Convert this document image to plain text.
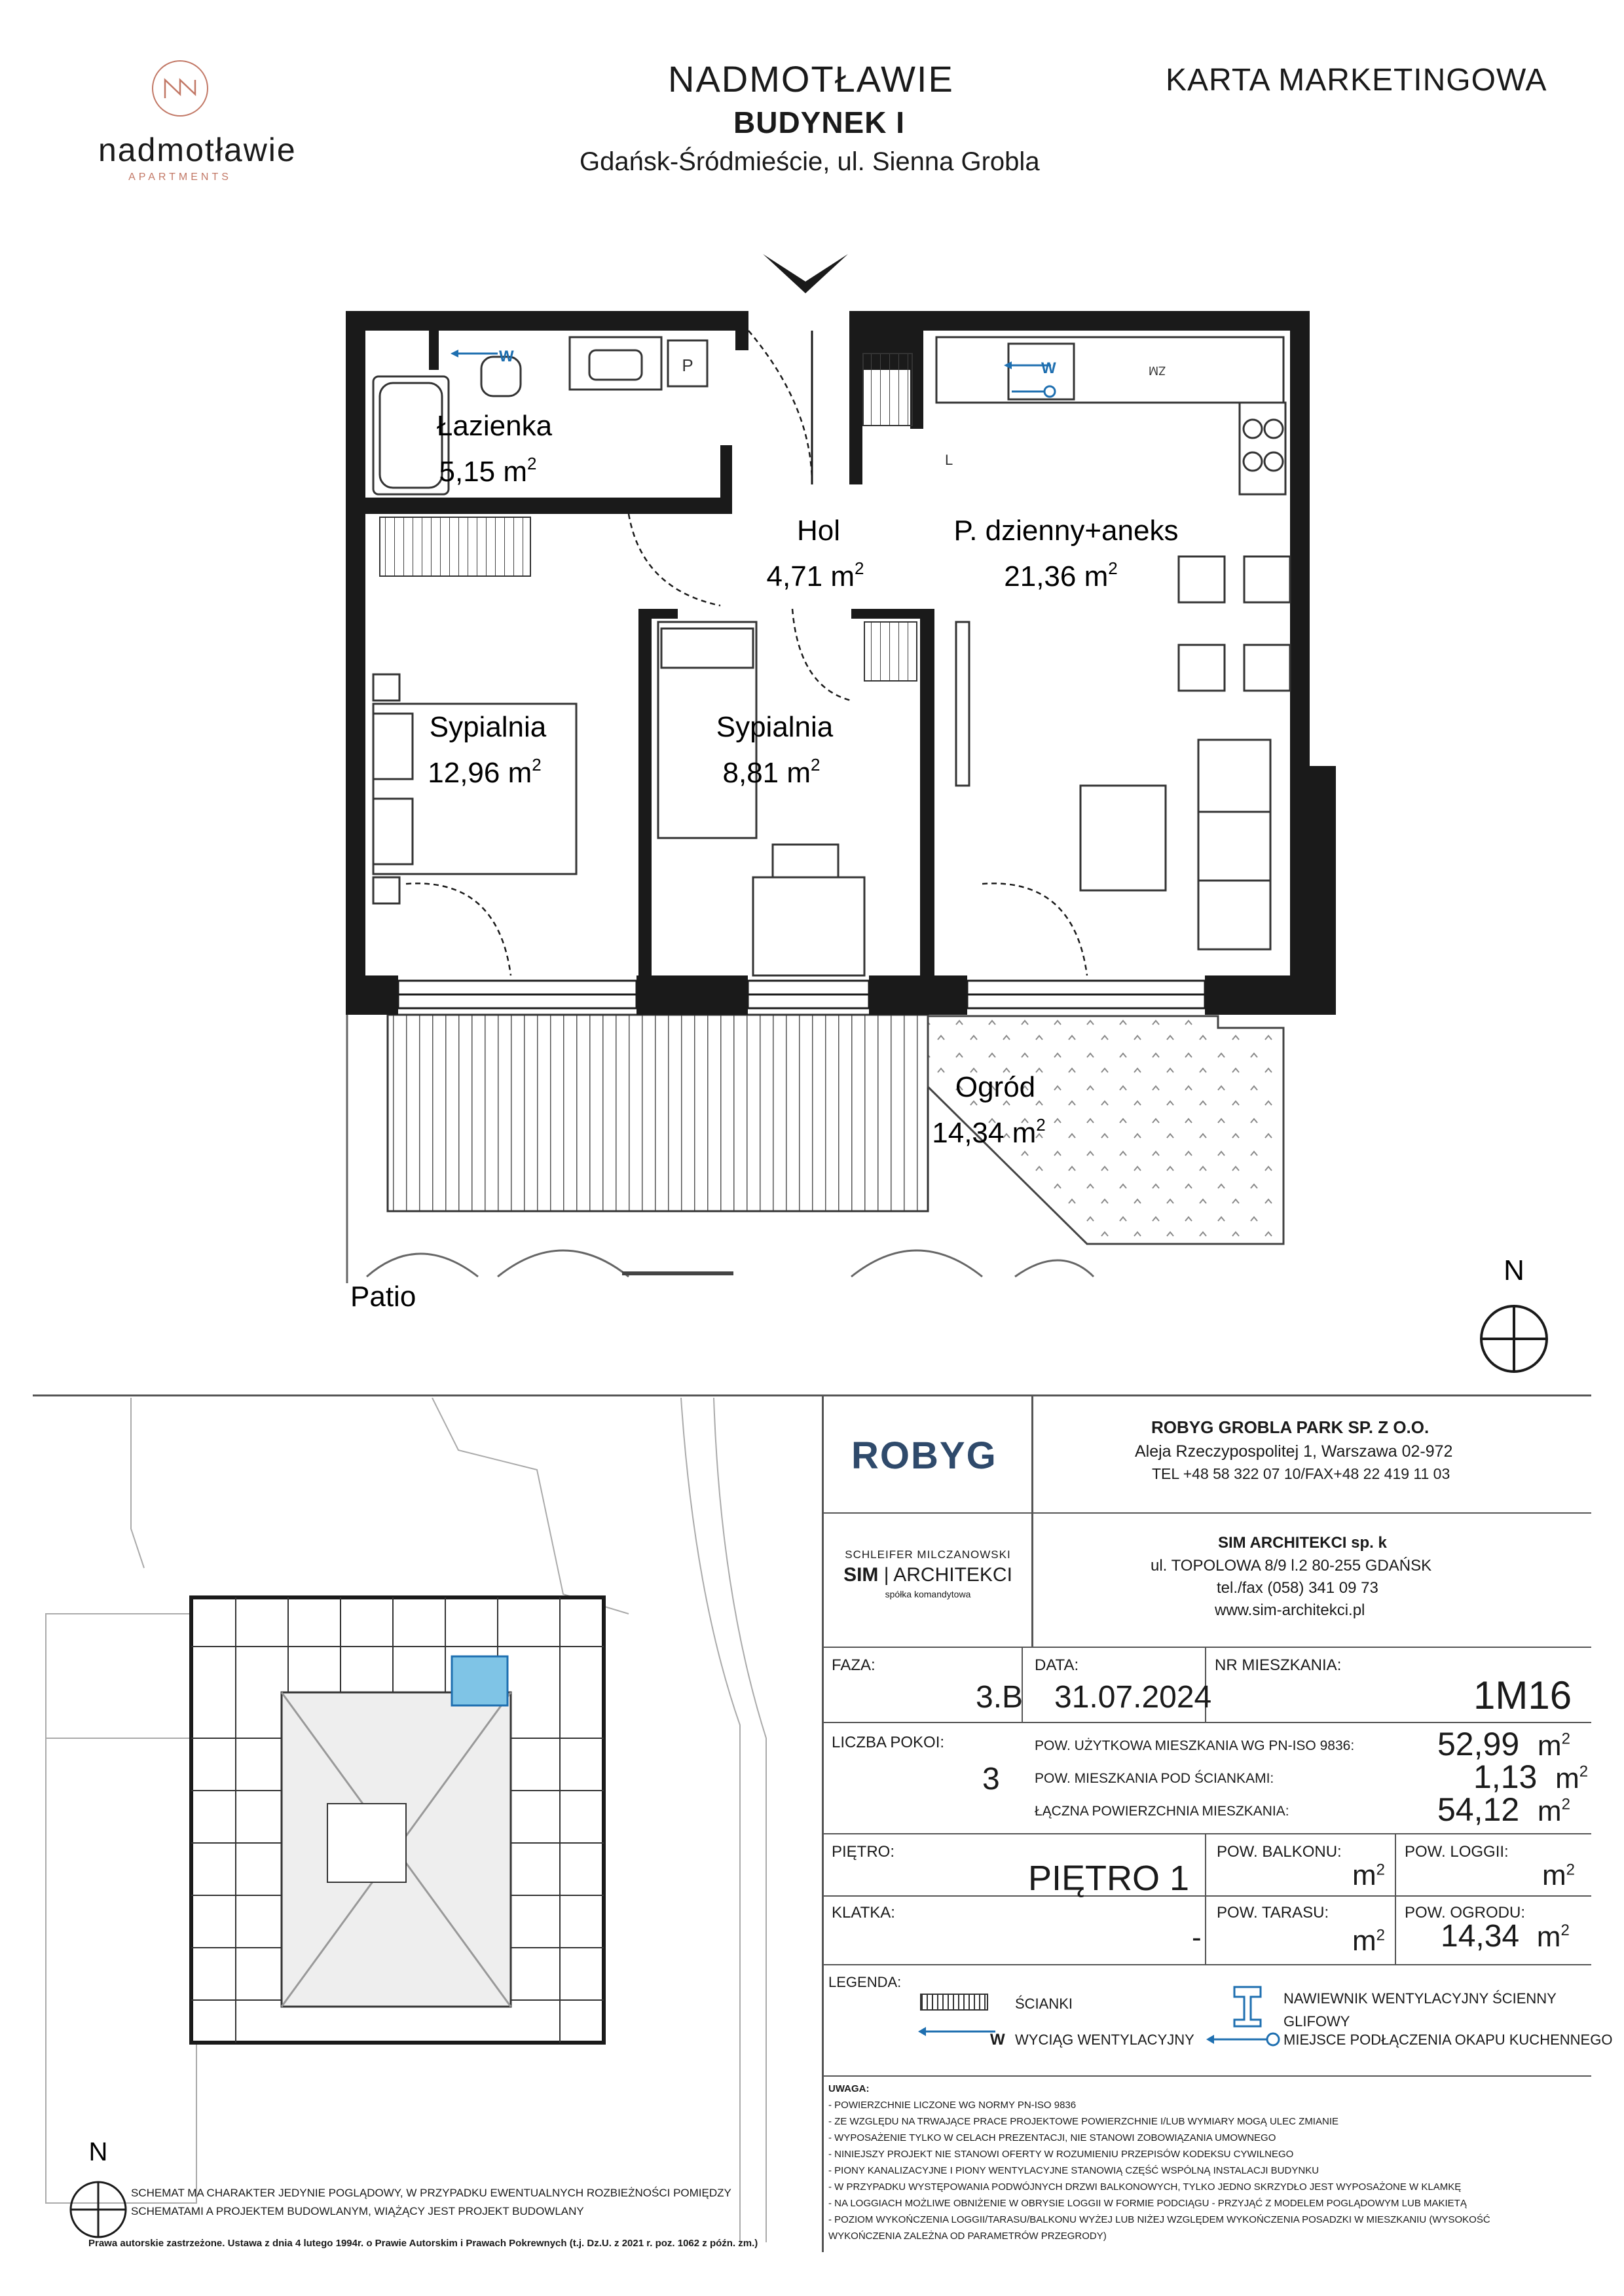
nadmotławie
APARTMENTS
NADMOTŁAWIE
BUDYNEK I
Gdańsk-Śródmieście, ul. Sienna Grobla
KARTA MARKETINGOWA
P
L
ZM
W
W
Łazienka
5,15 $m^2$
Hol
4,71 $m^2$
P. dzienny+aneks
21,36 $m^2$
Sypialnia
12,96 $m^2$
Sypialnia
8,81 $m^2$
Ogród
14,34 $m^2$
Patio
N
N
ROBYG
ROBYG GROBLA PARK SP. Z O.O.
Aleja Rzeczypospolitej 1, Warszawa 02-972
TEL +48 58 322 07 10/FAX+48 22 419 11 03
SCHLEIFER MILCZANOWSKI
SIM | ARCHITEKCI
spółka komandytowa
SIM ARCHITEKCI sp. k
ul. TOPOLOWA 8/9 l.2 80-255 GDAŃSK
tel./fax (058) 341 09 73
www.sim-architekci.pl
FAZA:
3.B
DATA:
31.07.2024
NR MIESZKANIA:
1M16
LICZBA POKOI:
3
POW. UŻYTKOWA MIESZKANIA WG PN-ISO 9836:
POW. MIESZKANIA POD ŚCIANKAMI:
ŁĄCZNA POWIERZCHNIA MIESZKANIA:
52,99 $m^2$
1,13 $m^2$
54,12 $m^2$
PIĘTRO:
PIĘTRO 1
POW. BALKONU:
$m^2$
POW. LOGGII:
$m^2$
KLATKA:
-
POW. TARASU:
$m^2$
POW. OGRODU:
14,34 $m^2$
LEGENDA:
ŚCIANKI
W WYCIĄG WENTYLACYJNY
NAWIEWNIK WENTYLACYJNY ŚCIENNY
GLIFOWY
MIEJSCE PODŁĄCZENIA OKAPU KUCHENNEGO
UWAGA:
- POWIERZCHNIE LICZONE WG NORMY PN-ISO 9836
- ZE WZGLĘDU NA TRWAJĄCE PRACE PROJEKTOWE POWIERZCHNIE I/LUB WYMIARY MOGĄ ULEC ZMIANIE
- WYPOSAŻENIE TYLKO W CELACH PREZENTACJI, NIE STANOWI ZOBOWIĄZANIA UMOWNEGO
- NINIEJSZY PROJEKT NIE STANOWI OFERTY W ROZUMIENIU PRZEPISÓW KODEKSU CYWILNEGO
- PIONY KANALIZACYJNE I PIONY WENTYLACYJNE STANOWIĄ CZĘŚĆ WSPÓLNĄ INSTALACJI BUDYNKU
- W PRZYPADKU WYSTĘPOWANIA PODWÓJNYCH DRZWI BALKONOWYCH, TYLKO JEDNO SKRZYDŁO JEST WYPOSAŻONE W KLAMKĘ
- NA LOGGIACH MOŻLIWE OBNIŻENIE W OBRYSIE LOGGII W FORMIE PODCIĄGU - PRZYJĄĆ Z MODELEM POGLĄDOWYM LUB MAKIETĄ
- POZIOM WYKOŃCZENIA LOGGII/TARASU/BALKONU WYŻEJ LUB NIŻEJ WZGLĘDEM WYKOŃCZENIA POSADZKI W MIESZKANIU (WYSOKOŚĆ
WYKOŃCZENIA ZALEŻNA OD PARAMETRÓW PRZEGRODY)
SCHEMAT MA CHARAKTER JEDYNIE POGLĄDOWY, W PRZYPADKU EWENTUALNYCH ROZBIEŻNOŚCI POMIĘDZY
SCHEMATAMI A PROJEKTEM BUDOWLANYM, WIĄŻĄCY JEST PROJEKT BUDOWLANY
Prawa autorskie zastrzeżone. Ustawa z dnia 4 lutego 1994r. o Prawie Autorskim i Prawach Pokrewnych (t.j. Dz.U. z 2021 r. poz. 1062 z późn. zm.)
